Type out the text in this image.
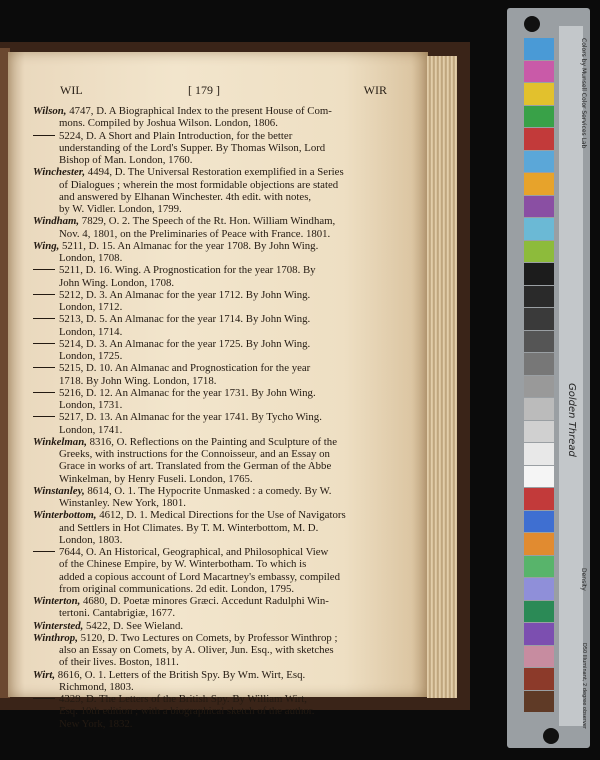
WIL	[ 179 ]	WIR
Wilson, 4747, D. A Biographical Index to the present House of Com-
mons. Compiled by Joshua Wilson. London, 1806.
5224, D. A Short and Plain Introduction, for the better
understanding of the Lord's Supper. By Thomas Wilson, Lord
Bishop of Man. London, 1760.
Winchester, 4494, D. The Universal Restoration exemplified in a Series
of Dialogues ; wherein the most formidable objections are stated
and answered by Elhanan Winchester. 4th edit. with notes,
by W. Vidler. London, 1799.
Windham, 7829, O. 2. The Speech of the Rt. Hon. William Windham,
Nov. 4, 1801, on the Preliminaries of Peace with France. 1801.
Wing, 5211, D. 15. An Almanac for the year 1708. By John Wing.
London, 1708.
5211, D. 16. Wing. A Prognostication for the year 1708. By
John Wing. London, 1708.
5212, D. 3. An Almanac for the year 1712. By John Wing.
London, 1712.
5213, D. 5. An Almanac for the year 1714. By John Wing.
London, 1714.
5214, D. 3. An Almanac for the year 1725. By John Wing.
London, 1725.
5215, D. 10. An Almanac and Prognostication for the year
1718. By John Wing. London, 1718.
5216, D. 12. An Almanac for the year 1731. By John Wing.
London, 1731.
5217, D. 13. An Almanac for the year 1741. By Tycho Wing.
London, 1741.
Winkelman, 8316, O. Reflections on the Painting and Sculpture of the
Greeks, with instructions for the Connoisseur, and an Essay on
Grace in works of art. Translated from the German of the Abbe
Winkelman, by Henry Fuseli. London, 1765.
Winstanley, 8614, O. 1. The Hypocrite Unmasked : a comedy. By W.
Winstanley. New York, 1801.
Winterbottom, 4612, D. 1. Medical Directions for the Use of Navigators
and Settlers in Hot Climates. By T. M. Winterbottom, M. D.
London, 1803.
7644, O. An Historical, Geographical, and Philosophical View
of the Chinese Empire, by W. Winterbotham. To which is
added a copious account of Lord Macartney's embassy, compiled
from original communications. 2d edit. London, 1795.
Winterton, 4680, D. Poetæ minores Græci. Accedunt Radulphi Win-
tertoni. Cantabrigiæ, 1677.
Wintersted, 5422, D. See Wieland.
Winthrop, 5120, D. Two Lectures on Comets, by Professor Winthrop ;
also an Essay on Comets, by A. Oliver, Jun. Esq., with sketches
of their lives. Boston, 1811.
Wirt, 8616, O. 1. Letters of the British Spy. By Wm. Wirt, Esq.
Richmond, 1803.
4329, D. The Letters of the British Spy. By William Wirt,
Esq. 10th edition ; with a biographical sketch of the author.
New York, 1832.
Colors by Munsell Color Services Lab
Golden Thread
Density
D50 Illuminant, 2 degree observer
